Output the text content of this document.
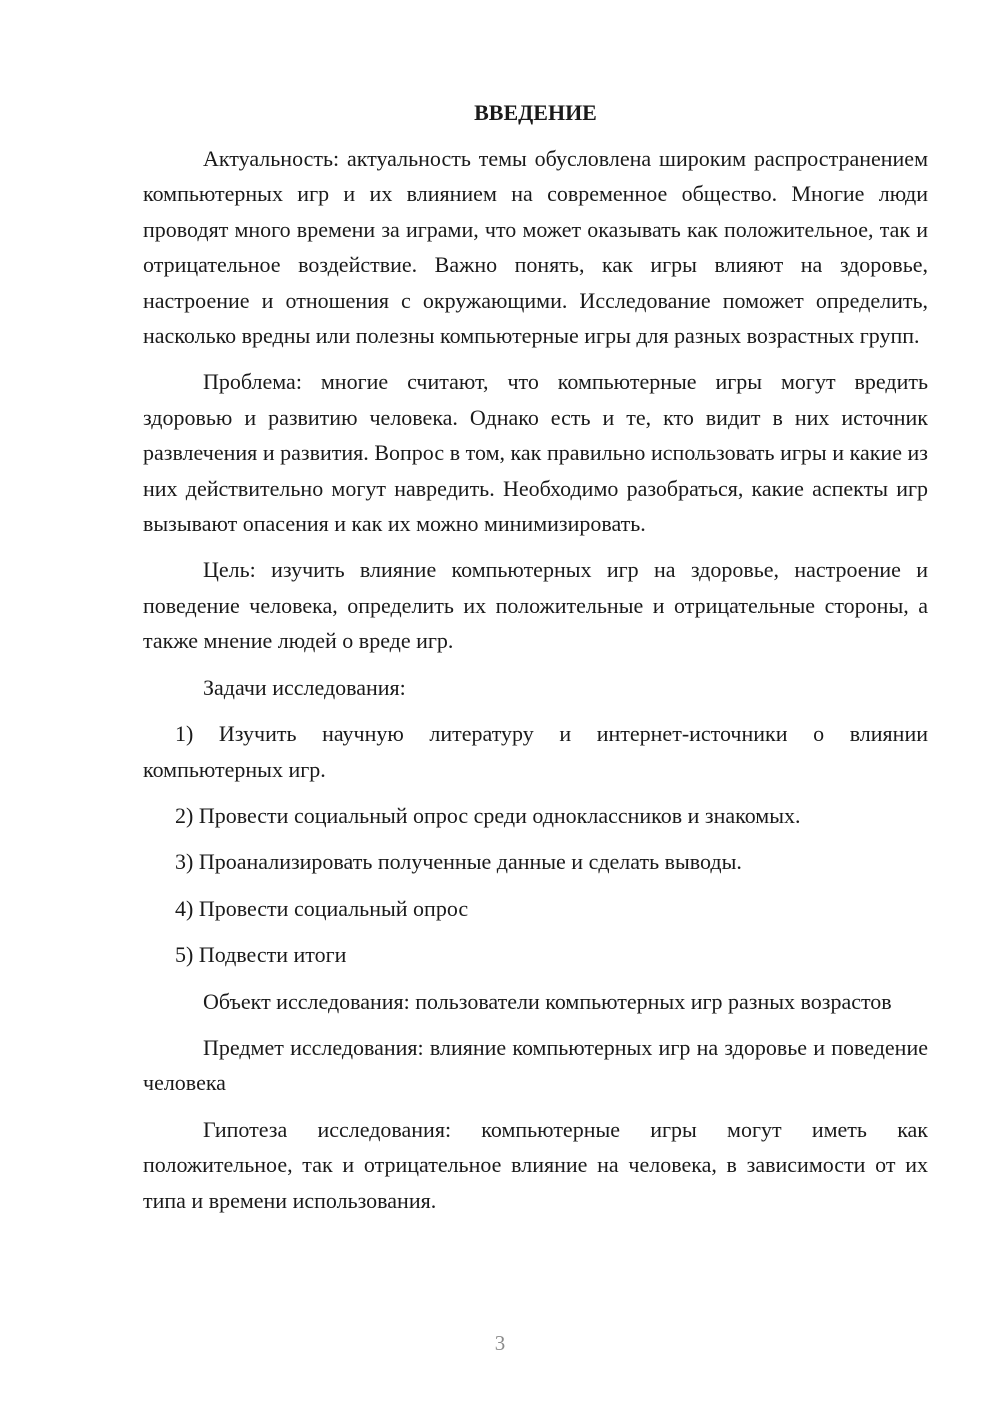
ВВЕДЕНИЕ

Актуальность: актуальность темы обусловлена широким распространением компьютерных игр и их влиянием на современное общество. Многие люди проводят много времени за играми, что может оказывать как положительное, так и отрицательное воздействие. Важно понять, как игры влияют на здоровье, настроение и отношения с окружающими. Исследование поможет определить, насколько вредны или полезны компьютерные игры для разных возрастных групп.

Проблема: многие считают, что компьютерные игры могут вредить здоровью и развитию человека. Однако есть и те, кто видит в них источник развлечения и развития. Вопрос в том, как правильно использовать игры и какие из них действительно могут навредить. Необходимо разобраться, какие аспекты игр вызывают опасения и как их можно минимизировать.

Цель: изучить влияние компьютерных игр на здоровье, настроение и поведение человека, определить их положительные и отрицательные стороны, а также мнение людей о вреде игр.

Задачи исследования:

1) Изучить научную литературу и интернет-источники о влиянии компьютерных игр.

2) Провести социальный опрос среди одноклассников и знакомых.

3) Проанализировать полученные данные и сделать выводы.

4) Провести социальный опрос

5) Подвести итоги

Объект исследования: пользователи компьютерных игр разных возрастов

Предмет исследования: влияние компьютерных игр на здоровье и поведение человека

Гипотеза исследования: компьютерные игры могут иметь как положительное, так и отрицательное влияние на человека, в зависимости от их типа и времени использования.

3
